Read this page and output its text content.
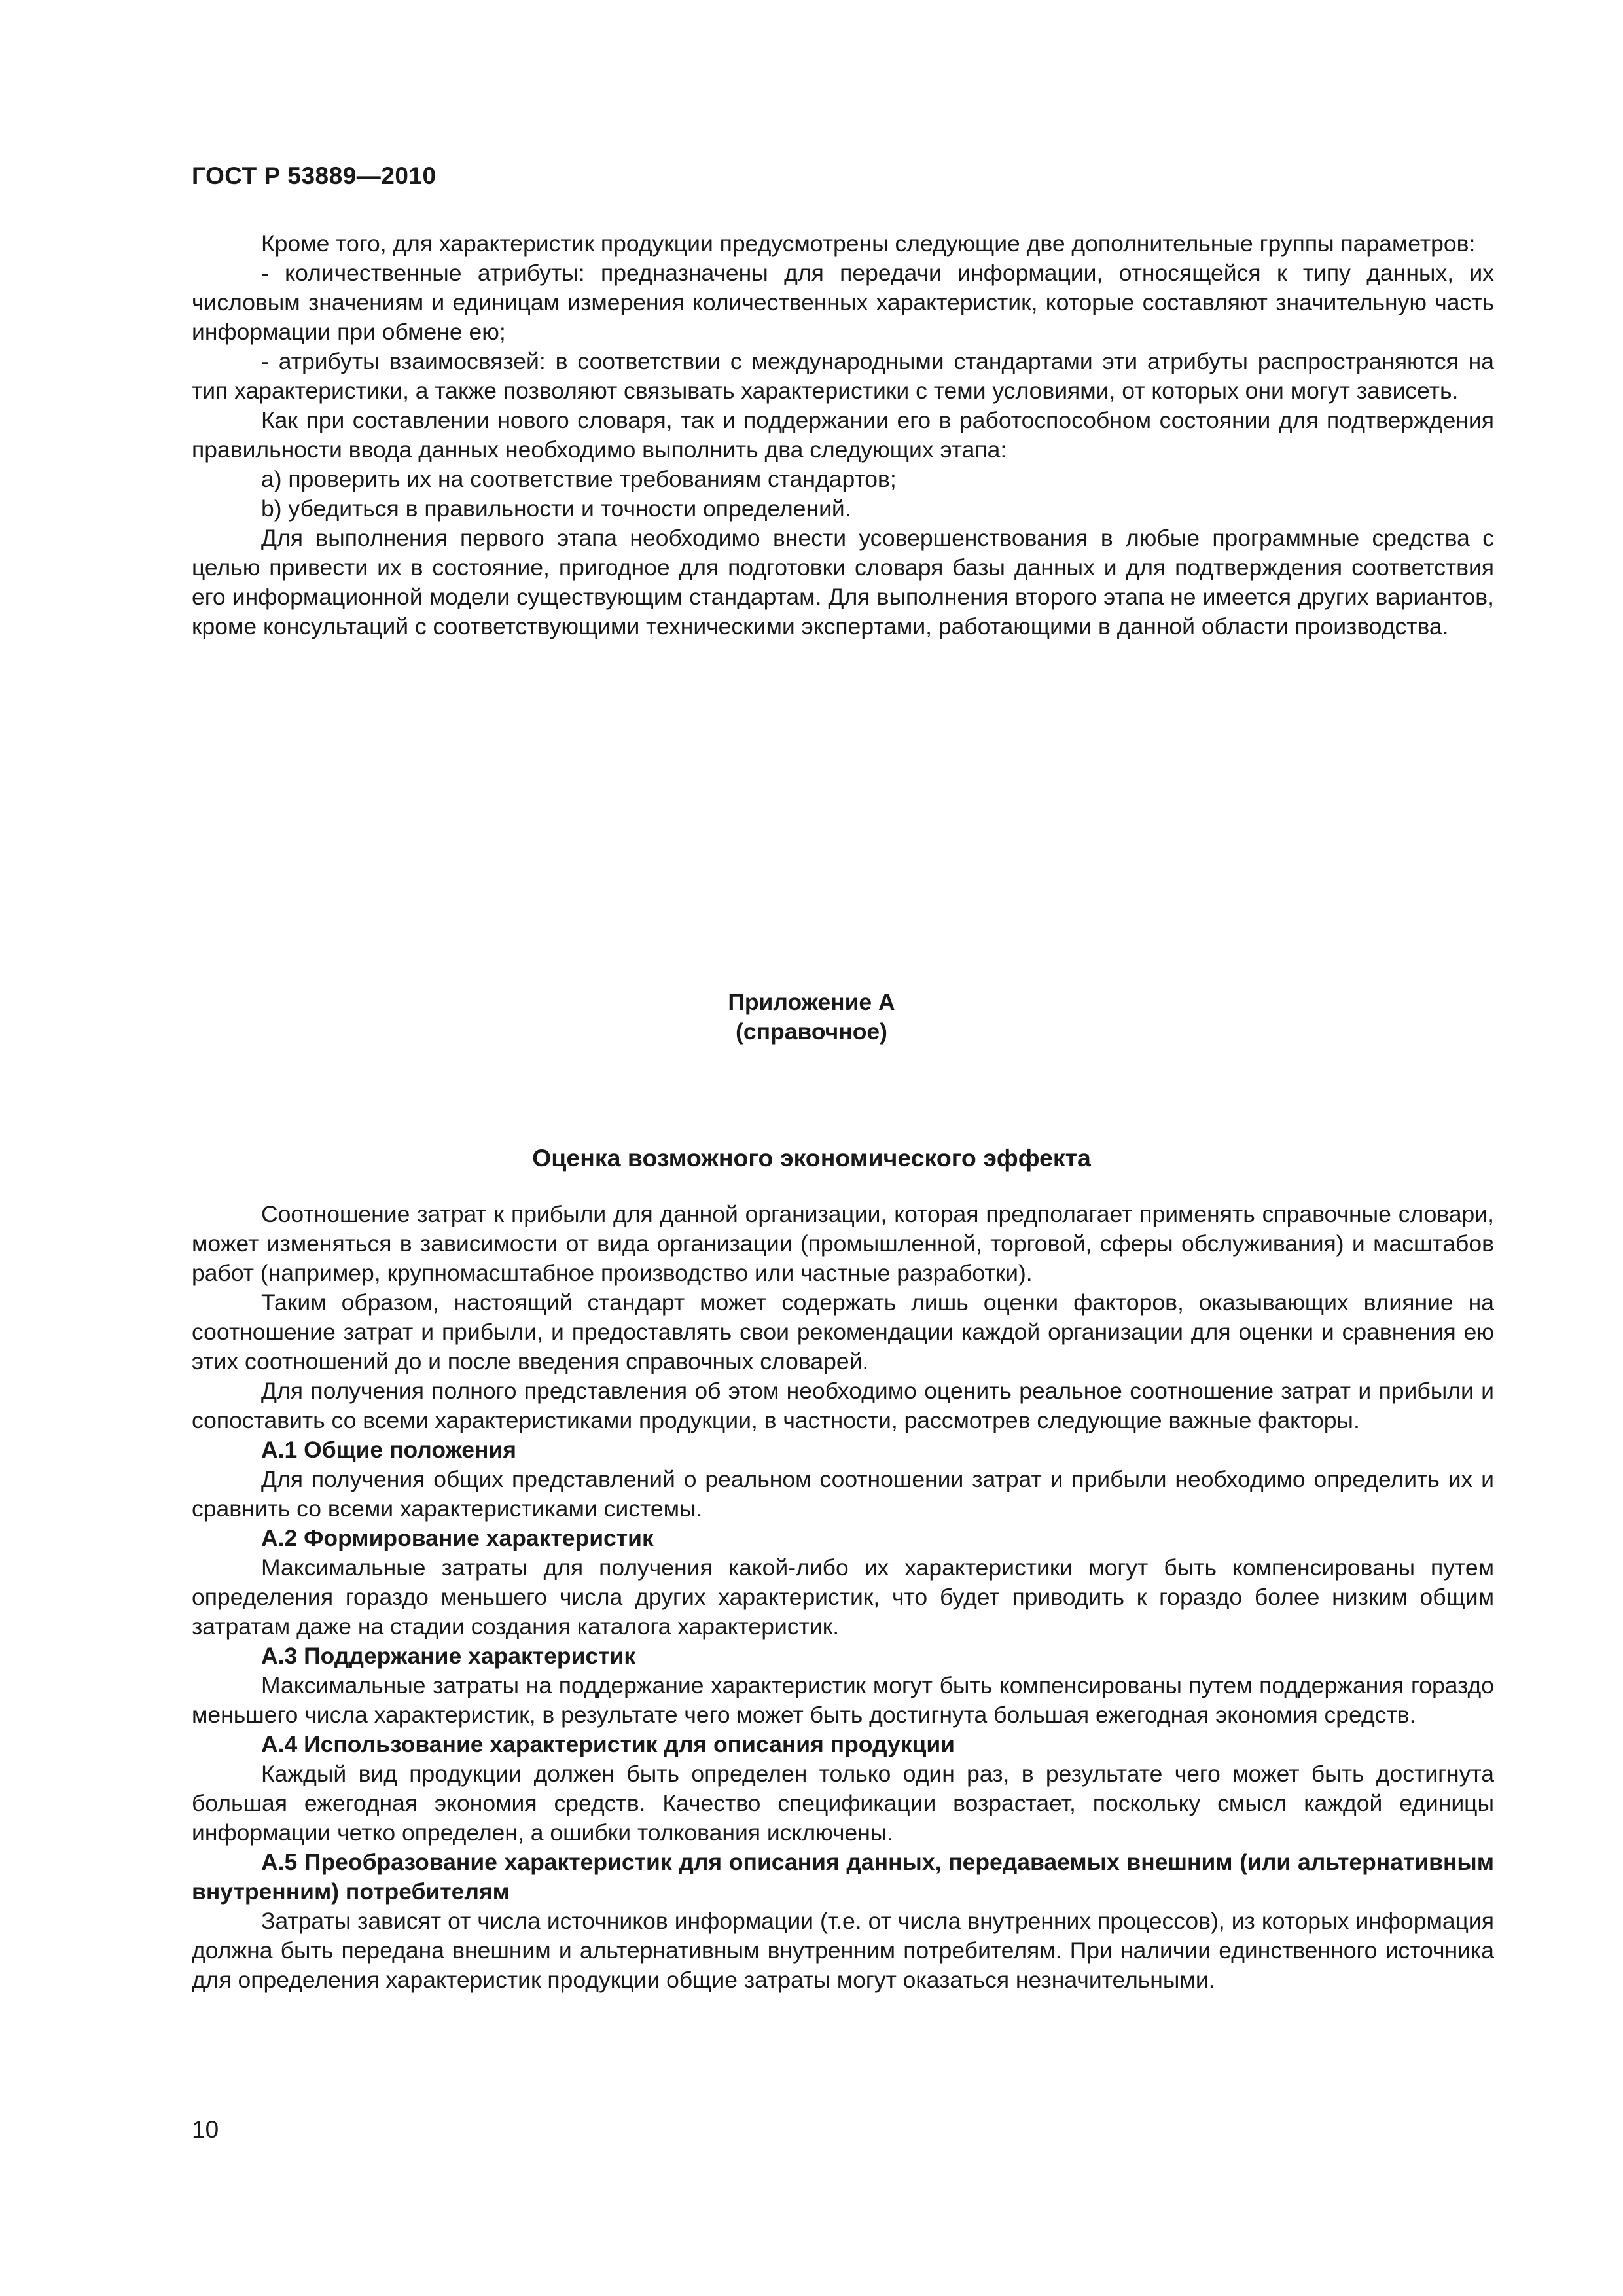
ГОСТ Р 53889—2010

Кроме того, для характеристик продукции предусмотрены следующие две дополнительные группы параметров:

- количественные атрибуты: предназначены для передачи информации, относящейся к типу данных, их числовым значениям и единицам измерения количественных характеристик, которые составляют значительную часть информации при обмене ею;

- атрибуты взаимосвязей: в соответствии с международными стандартами эти атрибуты распространяются на тип характеристики, а также позволяют связывать характеристики с теми условиями, от которых они могут зависеть.

Как при составлении нового словаря, так и поддержании его в работоспособном состоянии для подтверждения правильности ввода данных необходимо выполнить два следующих этапа:

a) проверить их на соответствие требованиям стандартов;

b) убедиться в правильности и точности определений.

Для выполнения первого этапа необходимо внести усовершенствования в любые программные средства с целью привести их в состояние, пригодное для подготовки словаря базы данных и для подтверждения соответствия его информационной модели существующим стандартам. Для выполнения второго этапа не имеется других вариантов, кроме консультаций с соответствующими техническими экспертами, работающими в данной области производства.

Приложение А
(справочное)
Оценка возможного экономического эффекта

Соотношение затрат к прибыли для данной организации, которая предполагает применять справочные словари, может изменяться в зависимости от вида организации (промышленной, торговой, сферы обслуживания) и масштабов работ (например, крупномасштабное производство или частные разработки).

Таким образом, настоящий стандарт может содержать лишь оценки факторов, оказывающих влияние на соотношение затрат и прибыли, и предоставлять свои рекомендации каждой организации для оценки и сравнения ею этих соотношений до и после введения справочных словарей.

Для получения полного представления об этом необходимо оценить реальное соотношение затрат и прибыли и сопоставить со всеми характеристиками продукции, в частности, рассмотрев следующие важные факторы.

А.1 Общие положения

Для получения общих представлений о реальном соотношении затрат и прибыли необходимо определить их и сравнить со всеми характеристиками системы.

А.2 Формирование характеристик

Максимальные затраты для получения какой-либо их характеристики могут быть компенсированы путем определения гораздо меньшего числа других характеристик, что будет приводить к гораздо более низким общим затратам даже на стадии создания каталога характеристик.

А.3 Поддержание характеристик

Максимальные затраты на поддержание характеристик могут быть компенсированы путем поддержания гораздо меньшего числа характеристик, в результате чего может быть достигнута большая ежегодная экономия средств.

А.4 Использование характеристик для описания продукции

Каждый вид продукции должен быть определен только один раз, в результате чего может быть достигнута большая ежегодная экономия средств. Качество спецификации возрастает, поскольку смысл каждой единицы информации четко определен, а ошибки толкования исключены.

А.5 Преобразование характеристик для описания данных, передаваемых внешним (или альтернативным внутренним) потребителям

Затраты зависят от числа источников информации (т.е. от числа внутренних процессов), из которых информация должна быть передана внешним и альтернативным внутренним потребителям. При наличии единственного источника для определения характеристик продукции общие затраты могут оказаться незначительными.

10
